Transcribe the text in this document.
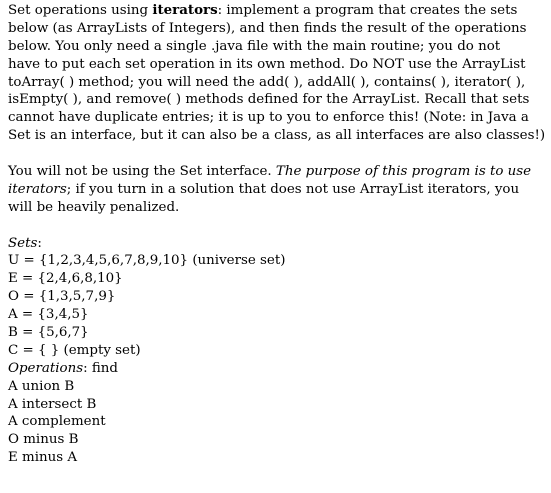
Set operations using iterators: implement a program that creates the sets
below (as ArrayLists of Integers), and then finds the result of the operations
below. You only need a single .java file with the main routine; you do not
have to put each set operation in its own method. Do NOT use the ArrayList
toArray( ) method; you will need the add( ), addAll( ), contains( ), iterator( ),
isEmpty( ), and remove( ) methods defined for the ArrayList. Recall that sets
cannot have duplicate entries; it is up to you to enforce this! (Note: in Java a
Set is an interface, but it can also be a class, as all interfaces are also classes!)
You will not be using the Set interface. The purpose of this program is to use
iterators; if you turn in a solution that does not use ArrayList iterators, you
will be heavily penalized.
Sets:
U = {1,2,3,4,5,6,7,8,9,10} (universe set)
E = {2,4,6,8,10}
O = {1,3,5,7,9}
A = {3,4,5}
B = {5,6,7}
C = { } (empty set)
Operations: find
A union B
A intersect B
A complement
O minus B
E minus A
